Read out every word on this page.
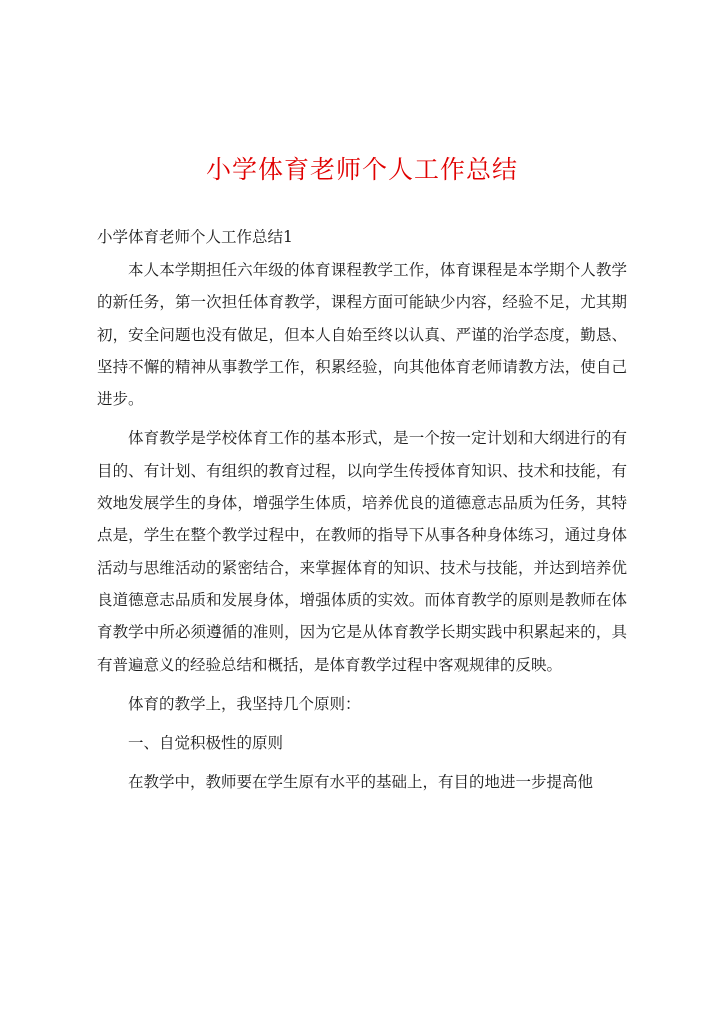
小学体育老师个人工作总结

小学体育老师个人工作总结1

本人本学期担任六年级的体育课程教学工作，体育课程是本学期个人教学的新任务，第一次担任体育教学，课程方面可能缺少内容，经验不足，尤其期初，安全问题也没有做足，但本人自始至终以认真、严谨的治学态度，勤恳、坚持不懈的精神从事教学工作，积累经验，向其他体育老师请教方法，使自己进步。

体育教学是学校体育工作的基本形式，是一个按一定计划和大纲进行的有目的、有计划、有组织的教育过程，以向学生传授体育知识、技术和技能，有效地发展学生的身体，增强学生体质，培养优良的道德意志品质为任务，其特点是，学生在整个教学过程中，在教师的指导下从事各种身体练习，通过身体活动与思维活动的紧密结合，来掌握体育的知识、技术与技能，并达到培养优良道德意志品质和发展身体，增强体质的实效。而体育教学的原则是教师在体育教学中所必须遵循的准则，因为它是从体育教学长期实践中积累起来的，具有普遍意义的经验总结和概括，是体育教学过程中客观规律的反映。

体育的教学上，我坚持几个原则：

一、自觉积极性的原则

在教学中，教师要在学生原有水平的基础上，有目的地进一步提高他
